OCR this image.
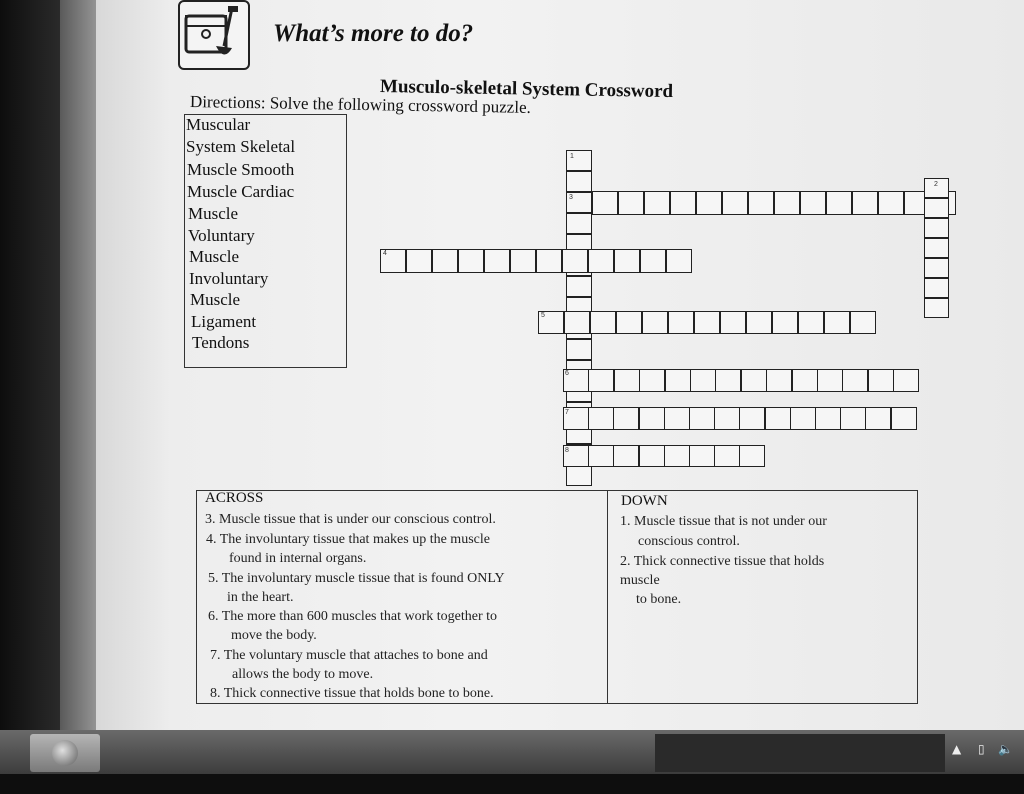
What’s more to do?
Musculo-skeletal System Crossword
Directions: Solve the following crossword puzzle.
Muscular
System Skeletal
Muscle Smooth
Muscle Cardiac
Muscle
Voluntary
Muscle
Involuntary
Muscle
Ligament
Tendons
1
2
3
4
5
6
7
8
ACROSS
3. Muscle tissue that is under our conscious control.
4. The involuntary tissue that makes up the muscle
found in internal organs.
5. The involuntary muscle tissue that is found ONLY
in the heart.
6. The more than 600 muscles that work together to
move the body.
7. The voluntary muscle that attaches to bone and
allows the body to move.
8. Thick connective tissue that holds bone to bone.
DOWN
1. Muscle tissue that is not under our
conscious control.
2. Thick connective tissue that holds
muscle
to bone.
▲ ▯ 🔈
